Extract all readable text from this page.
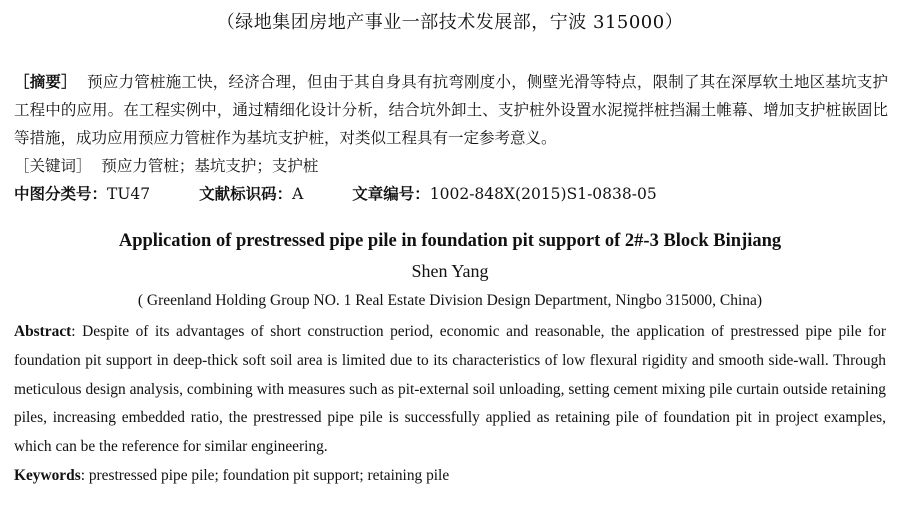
（绿地集团房地产事业一部技术发展部，宁波 315000）

［摘要］ 预应力管桩施工快，经济合理，但由于其自身具有抗弯刚度小，侧壁光滑等特点，限制了其在深厚软土地区基坑支护工程中的应用。在工程实例中，通过精细化设计分析，结合坑外卸土、支护桩外设置水泥搅拌桩挡漏土帷幕、增加支护桩嵌固比等措施，成功应用预应力管桩作为基坑支护桩，对类似工程具有一定参考意义。

［关键词］ 预应力管桩；基坑支护；支护桩

中图分类号：TU47	文献标识码：A	文章编号：1002-848X(2015)S1-0838-05
Application of prestressed pipe pile in foundation pit support of 2#-3 Block Binjiang
Shen Yang
( Greenland Holding Group NO. 1 Real Estate Division Design Department, Ningbo 315000, China)

Abstract: Despite of its advantages of short construction period, economic and reasonable, the application of prestressed pipe pile for foundation pit support in deep-thick soft soil area is limited due to its characteristics of low flexural rigidity and smooth side-wall. Through meticulous design analysis, combining with measures such as pit-external soil unloading, setting cement mixing pile curtain outside retaining piles, increasing embedded ratio, the prestressed pipe pile is successfully applied as retaining pile of foundation pit in project examples, which can be the reference for similar engineering.

Keywords: prestressed pipe pile; foundation pit support; retaining pile
